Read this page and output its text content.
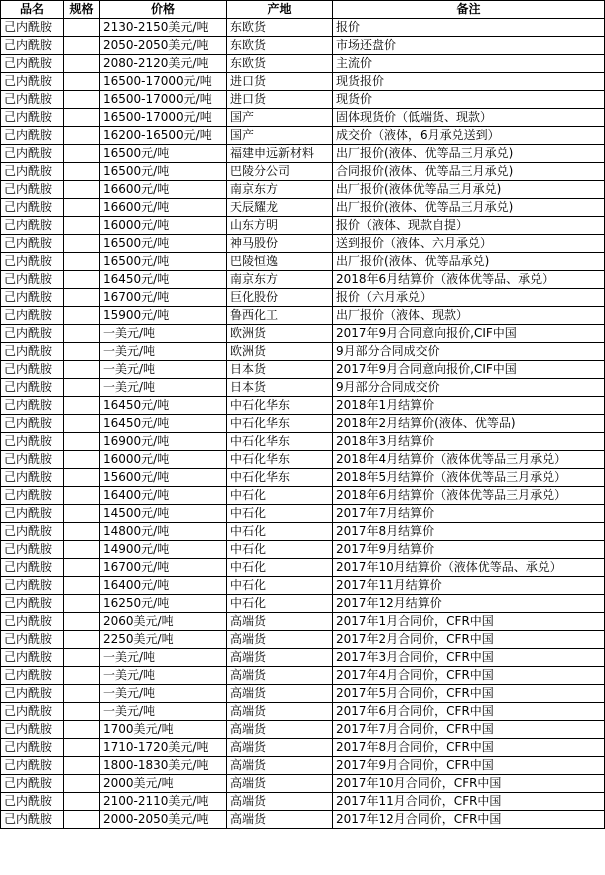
品名	规格	价格	产地	备注
己内酰胺		2130-2150美元/吨	东欧货	报价
己内酰胺		2050-2050美元/吨	东欧货	市场还盘价
己内酰胺		2080-2120美元/吨	东欧货	主流价
己内酰胺		16500-17000元/吨	进口货	现货报价
己内酰胺		16500-17000元/吨	进口货	现货价
己内酰胺		16500-17000元/吨	国产	固体现货价（低端货、现款）
己内酰胺		16200-16500元/吨	国产	成交价（液体，6月承兑送到）
己内酰胺		16500元/吨	福建申远新材料	出厂报价(液体、优等品三月承兑)
己内酰胺		16500元/吨	巴陵分公司	合同报价(液体、优等品三月承兑)
己内酰胺		16600元/吨	南京东方	出厂报价(液体优等品三月承兑)
己内酰胺		16600元/吨	天辰耀龙	出厂报价(液体、优等品三月承兑)
己内酰胺		16000元/吨	山东方明	报价（液体、现款自提）
己内酰胺		16500元/吨	神马股份	送到报价（液体、六月承兑）
己内酰胺		16500元/吨	巴陵恒逸	出厂报价(液体、优等品承兑)
己内酰胺		16450元/吨	南京东方	2018年6月结算价（液体优等品、承兑）
己内酰胺		16700元/吨	巨化股份	报价（六月承兑）
己内酰胺		15900元/吨	鲁西化工	出厂报价（液体、现款）
己内酰胺		一美元/吨	欧洲货	2017年9月合同意向报价,CIF中国
己内酰胺		一美元/吨	欧洲货	9月部分合同成交价
己内酰胺		一美元/吨	日本货	2017年9月合同意向报价,CIF中国
己内酰胺		一美元/吨	日本货	9月部分合同成交价
己内酰胺		16450元/吨	中石化华东	2018年1月结算价
己内酰胺		16450元/吨	中石化华东	2018年2月结算价(液体、优等品)
己内酰胺		16900元/吨	中石化华东	2018年3月结算价
己内酰胺		16000元/吨	中石化华东	2018年4月结算价（液体优等品三月承兑）
己内酰胺		15600元/吨	中石化华东	2018年5月结算价（液体优等品三月承兑）
己内酰胺		16400元/吨	中石化	2018年6月结算价（液体优等品三月承兑）
己内酰胺		14500元/吨	中石化	2017年7月结算价
己内酰胺		14800元/吨	中石化	2017年8月结算价
己内酰胺		14900元/吨	中石化	2017年9月结算价
己内酰胺		16700元/吨	中石化	2017年10月结算价（液体优等品、承兑）
己内酰胺		16400元/吨	中石化	2017年11月结算价
己内酰胺		16250元/吨	中石化	2017年12月结算价
己内酰胺		2060美元/吨	高端货	2017年1月合同价，CFR中国
己内酰胺		2250美元/吨	高端货	2017年2月合同价，CFR中国
己内酰胺		一美元/吨	高端货	2017年3月合同价，CFR中国
己内酰胺		一美元/吨	高端货	2017年4月合同价，CFR中国
己内酰胺		一美元/吨	高端货	2017年5月合同价，CFR中国
己内酰胺		一美元/吨	高端货	2017年6月合同价，CFR中国
己内酰胺		1700美元/吨	高端货	2017年7月合同价，CFR中国
己内酰胺		1710-1720美元/吨	高端货	2017年8月合同价，CFR中国
己内酰胺		1800-1830美元/吨	高端货	2017年9月合同价，CFR中国
己内酰胺		2000美元/吨	高端货	2017年10月合同价，CFR中国
己内酰胺		2100-2110美元/吨	高端货	2017年11月合同价，CFR中国
己内酰胺		2000-2050美元/吨	高端货	2017年12月合同价，CFR中国
